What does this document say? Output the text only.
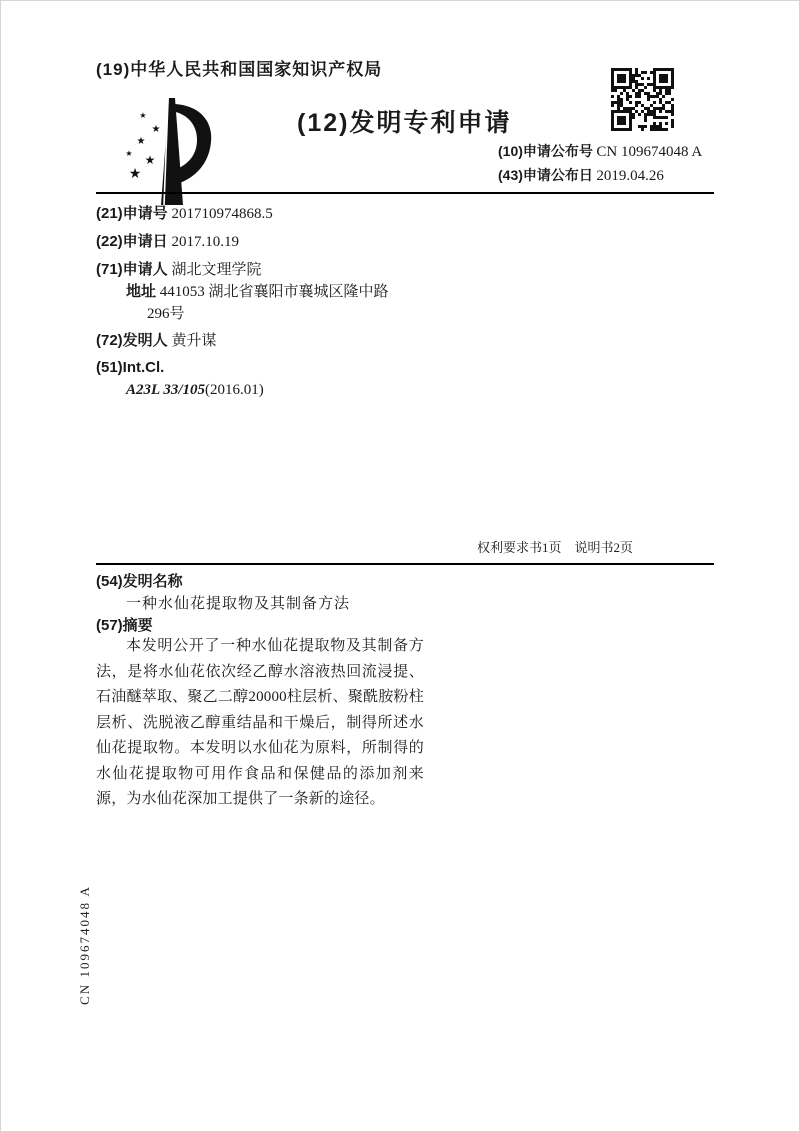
(19)中华人民共和国国家知识产权局
★
★
★
★ ★
★
(12)发明专利申请
(10)申请公布号 CN 109674048 A
(43)申请公布日 2019.04.26
(21)申请号 201710974868.5
(22)申请日 2017.10.19
(71)申请人 湖北文理学院
地址 441053 湖北省襄阳市襄城区隆中路
296号
(72)发明人 黄升谋
(51)Int.Cl.
A23L 33/105(2016.01)
权利要求书1页　说明书2页
(54)发明名称
一种水仙花提取物及其制备方法
(57)摘要
本发明公开了一种水仙花提取物及其制备方法，是将水仙花依次经乙醇水溶液热回流浸提、石油醚萃取、聚乙二醇20000柱层析、聚酰胺粉柱层析、洗脱液乙醇重结晶和干燥后，制得所述水仙花提取物。本发明以水仙花为原料，所制得的水仙花提取物可用作食品和保健品的添加剂来源，为水仙花深加工提供了一条新的途径。
CN 109674048 A
